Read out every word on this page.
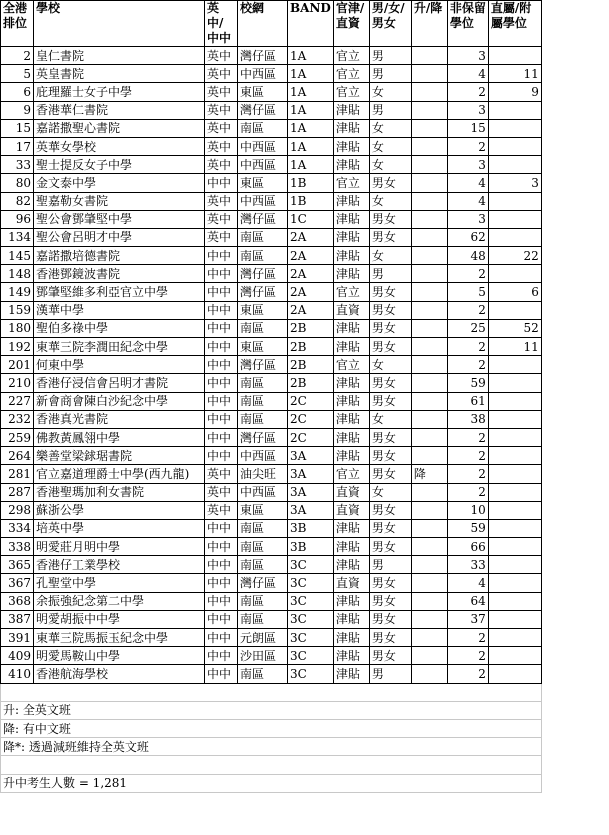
全港排位	學校	英中/中中	校網	BAND	官津/直資	男/女/男女	升/降	非保留學位	直屬/附屬學位
2	皇仁書院	英中	灣仔區	1A	官立	男		3	
5	英皇書院	英中	中西區	1A	官立	男		4	11
6	庇理羅士女子中學	英中	東區	1A	官立	女		2	9
9	香港華仁書院	英中	灣仔區	1A	津貼	男		3	
15	嘉諾撒聖心書院	英中	南區	1A	津貼	女		15	
17	英華女學校	英中	中西區	1A	津貼	女		2	
33	聖士提反女子中學	英中	中西區	1A	津貼	女		3	
80	金文泰中學	中中	東區	1B	官立	男女		4	3
82	聖嘉勒女書院	英中	中西區	1B	津貼	女		4	
96	聖公會鄧肇堅中學	英中	灣仔區	1C	津貼	男女		3	
134	聖公會呂明才中學	英中	南區	2A	津貼	男女		62	
145	嘉諾撒培德書院	中中	南區	2A	津貼	女		48	22
148	香港鄧鏡波書院	中中	灣仔區	2A	津貼	男		2	
149	鄧肇堅維多利亞官立中學	中中	灣仔區	2A	官立	男女		5	6
159	漢華中學	中中	東區	2A	直資	男女		2	
180	聖伯多祿中學	中中	南區	2B	津貼	男女		25	52
192	東華三院李潤田紀念中學	中中	東區	2B	津貼	男女		2	11
201	何東中學	中中	灣仔區	2B	官立	女		2	
210	香港仔浸信會呂明才書院	中中	南區	2B	津貼	男女		59	
227	新會商會陳白沙紀念中學	中中	南區	2C	津貼	男女		61	
232	香港真光書院	中中	南區	2C	津貼	女		38	
259	佛教黃鳳翎中學	中中	灣仔區	2C	津貼	男女		2	
264	樂善堂梁銶琚書院	中中	中西區	3A	津貼	男女		2	
281	官立嘉道理爵士中學(西九龍)	英中	油尖旺	3A	官立	男女	降	2	
287	香港聖瑪加利女書院	英中	中西區	3A	直資	女		2	
298	蘇浙公學	英中	東區	3A	直資	男女		10	
334	培英中學	中中	南區	3B	津貼	男女		59	
338	明愛莊月明中學	中中	南區	3B	津貼	男女		66	
365	香港仔工業學校	中中	南區	3C	津貼	男		33	
367	孔聖堂中學	中中	灣仔區	3C	直資	男女		4	
368	余振強紀念第二中學	中中	南區	3C	津貼	男女		64	
387	明愛胡振中中學	中中	南區	3C	津貼	男女		37	
391	東華三院馬振玉紀念中學	中中	元朗區	3C	津貼	男女		2	
409	明愛馬鞍山中學	中中	沙田區	3C	津貼	男女		2	
410	香港航海學校	中中	南區	3C	津貼	男		2	

升: 全英文班									
降: 有中文班									
降*: 透過減班維持全英文班									

升中考生人數 = 1,281									
